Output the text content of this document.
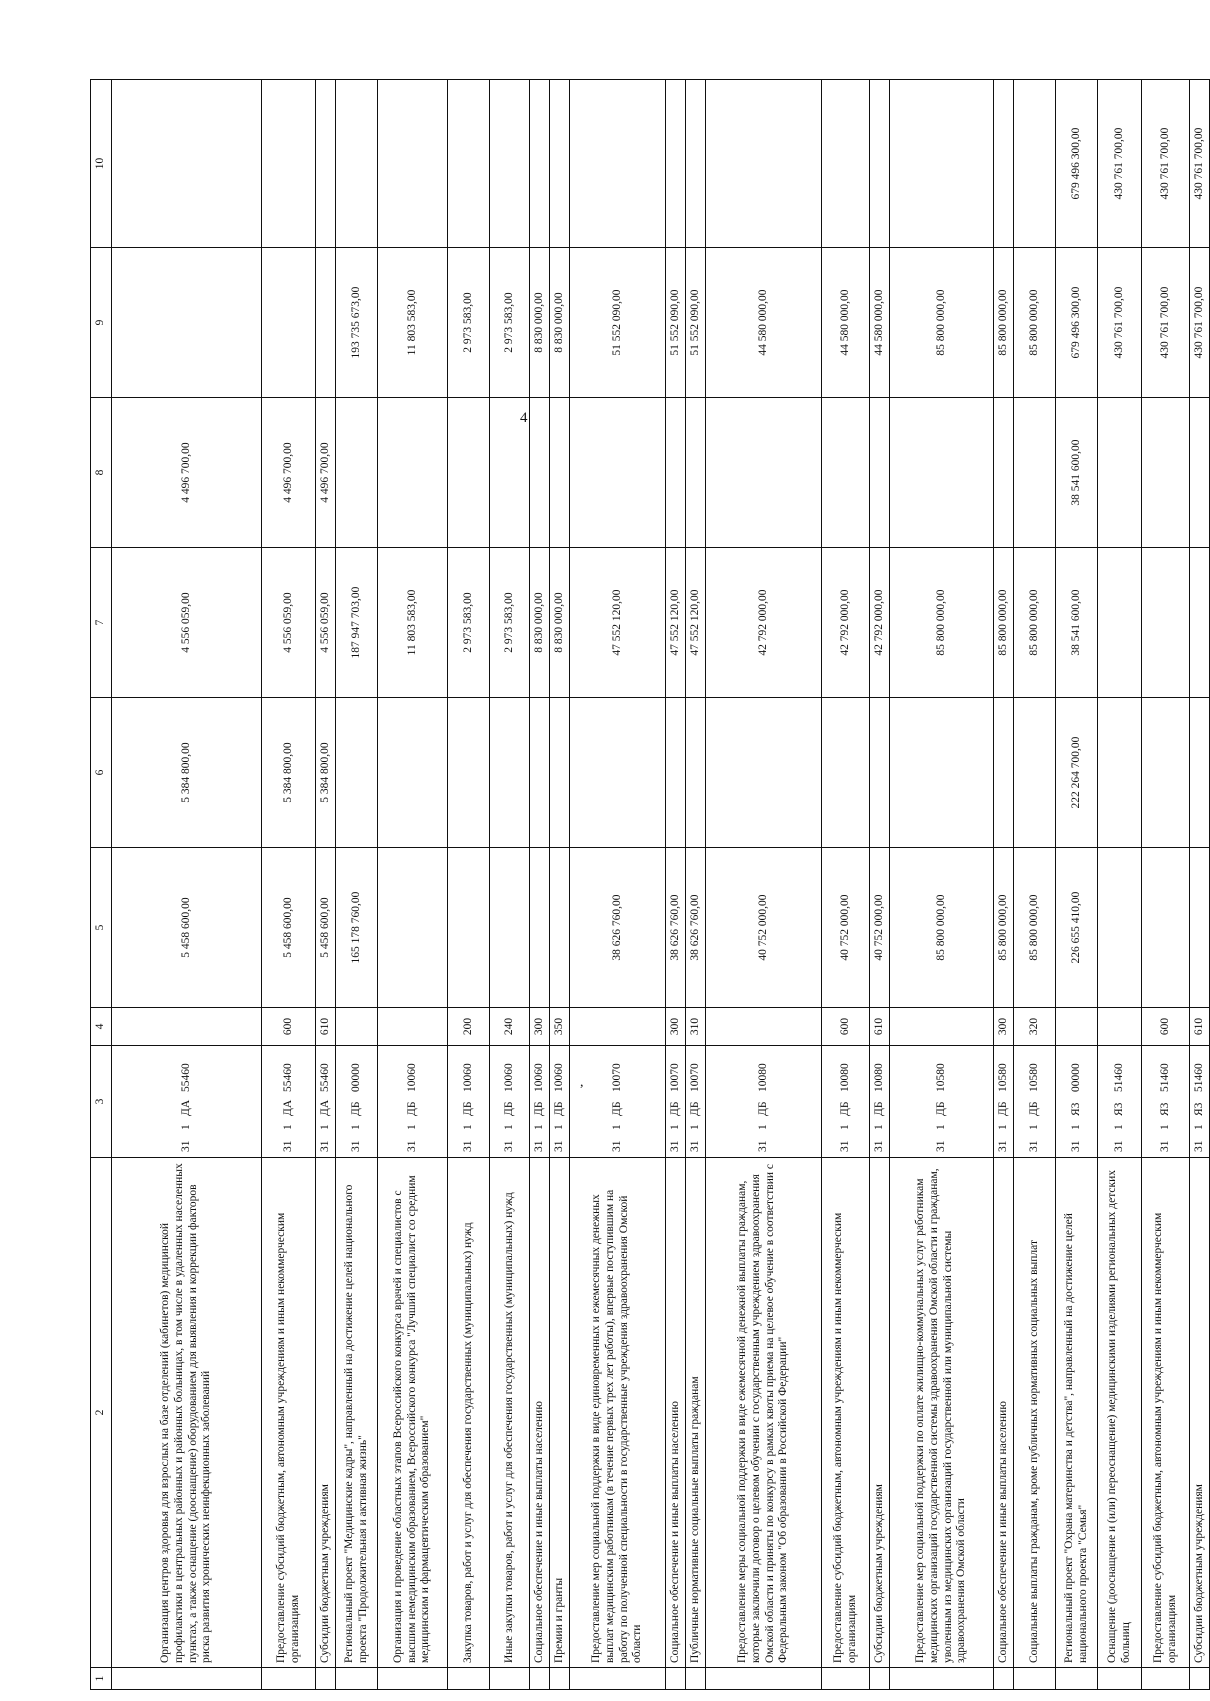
4
,
1	2	3	4	5	6	7	8	9	10
	Организация центров здоровья для взрослых на базе отделений (кабинетов) медицинской профилактики в центральных районных и районных больницах, в том числе в удаленных населенных пунктах, а также оснащение (дооснащение) оборудованием для выявления и коррекции факторов риска развития хронических неинфекционных заболеваний	311ДА55460		5 458 600,00	5 384 800,00	4 556 059,00	4 496 700,00		
	Предоставление субсидий бюджетным, автономным учреждениям и иным некоммерческим организациям	311ДА55460	600	5 458 600,00	5 384 800,00	4 556 059,00	4 496 700,00		
	Субсидии бюджетным учреждениям	311ДА55460	610	5 458 600,00	5 384 800,00	4 556 059,00	4 496 700,00		
	Региональный проект "Медицинские кадры", направленный на достижение целей национального проекта "Продолжительная и активная жизнь"	311ДБ00000		165 178 760,00		187 947 703,00		193 735 673,00	
	Организация и проведение областных этапов Всероссийского конкурса врачей и специалистов с высшим немедицинским образованием, Всероссийского конкурса "Лучший специалист со средним медицинским и фармацевтическим образованием"	311ДБ10060				11 803 583,00		11 803 583,00	
	Закупка товаров, работ и услуг для обеспечения государственных (муниципальных) нужд	311ДБ10060	200			2 973 583,00		2 973 583,00	
	Иные закупки товаров, работ и услуг для обеспечения государственных (муниципальных) нужд	311ДБ10060	240			2 973 583,00		2 973 583,00	
	Социальное обеспечение и иные выплаты населению	311ДБ10060	300			8 830 000,00		8 830 000,00	
	Премии и гранты	311ДБ10060	350			8 830 000,00		8 830 000,00	
	Предоставление мер социальной поддержки в виде единовременных и ежемесячных денежных выплат медицинским работникам (в течение первых трех лет работы), впервые поступившим на работу по полученной специальности в государственные учреждения здравоохранения Омской области	311ДБ10070		38 626 760,00		47 552 120,00		51 552 090,00	
	Социальное обеспечение и иные выплаты населению	311ДБ10070	300	38 626 760,00		47 552 120,00		51 552 090,00	
	Публичные нормативные социальные выплаты гражданам	311ДБ10070	310	38 626 760,00		47 552 120,00		51 552 090,00	
	Предоставление меры социальной поддержки в виде ежемесячной денежной выплаты гражданам, которые заключили договор о целевом обучении с государственным учреждением здравоохранения Омской области и приняты по конкурсу в рамках квоты приема на целевое обучение в соответствии с Федеральным законом "Об образовании в Российской Федерации"	311ДБ10080		40 752 000,00		42 792 000,00		44 580 000,00	
	Предоставление субсидий бюджетным, автономным учреждениям и иным некоммерческим организациям	311ДБ10080	600	40 752 000,00		42 792 000,00		44 580 000,00	
	Субсидии бюджетным учреждениям	311ДБ10080	610	40 752 000,00		42 792 000,00		44 580 000,00	
	Предоставление мер социальной поддержки по оплате жилищно-коммунальных услуг работникам медицинских организаций государственной системы здравоохранения Омской области и гражданам, уволенным из медицинских организаций государственной или муниципальной системы здравоохранения Омской области	311ДБ10580		85 800 000,00		85 800 000,00		85 800 000,00	
	Социальное обеспечение и иные выплаты населению	311ДБ10580	300	85 800 000,00		85 800 000,00		85 800 000,00	
	Социальные выплаты гражданам, кроме публичных нормативных социальных выплат	311ДБ10580	320	85 800 000,00		85 800 000,00		85 800 000,00	
	Региональный проект "Охрана материнства и детства", направленный на достижение целей национального проекта "Семья"	311Я300000		226 655 410,00	222 264 700,00	38 541 600,00	38 541 600,00	679 496 300,00	679 496 300,00
	Оснащение (дооснащение и (или) переоснащение) медицинскими изделиями региональных детских больниц	311Я351460						430 761 700,00	430 761 700,00
	Предоставление субсидий бюджетным, автономным учреждениям и иным некоммерческим организациям	311Я351460	600					430 761 700,00	430 761 700,00
	Субсидии бюджетным учреждениям	311Я351460	610					430 761 700,00	430 761 700,00
